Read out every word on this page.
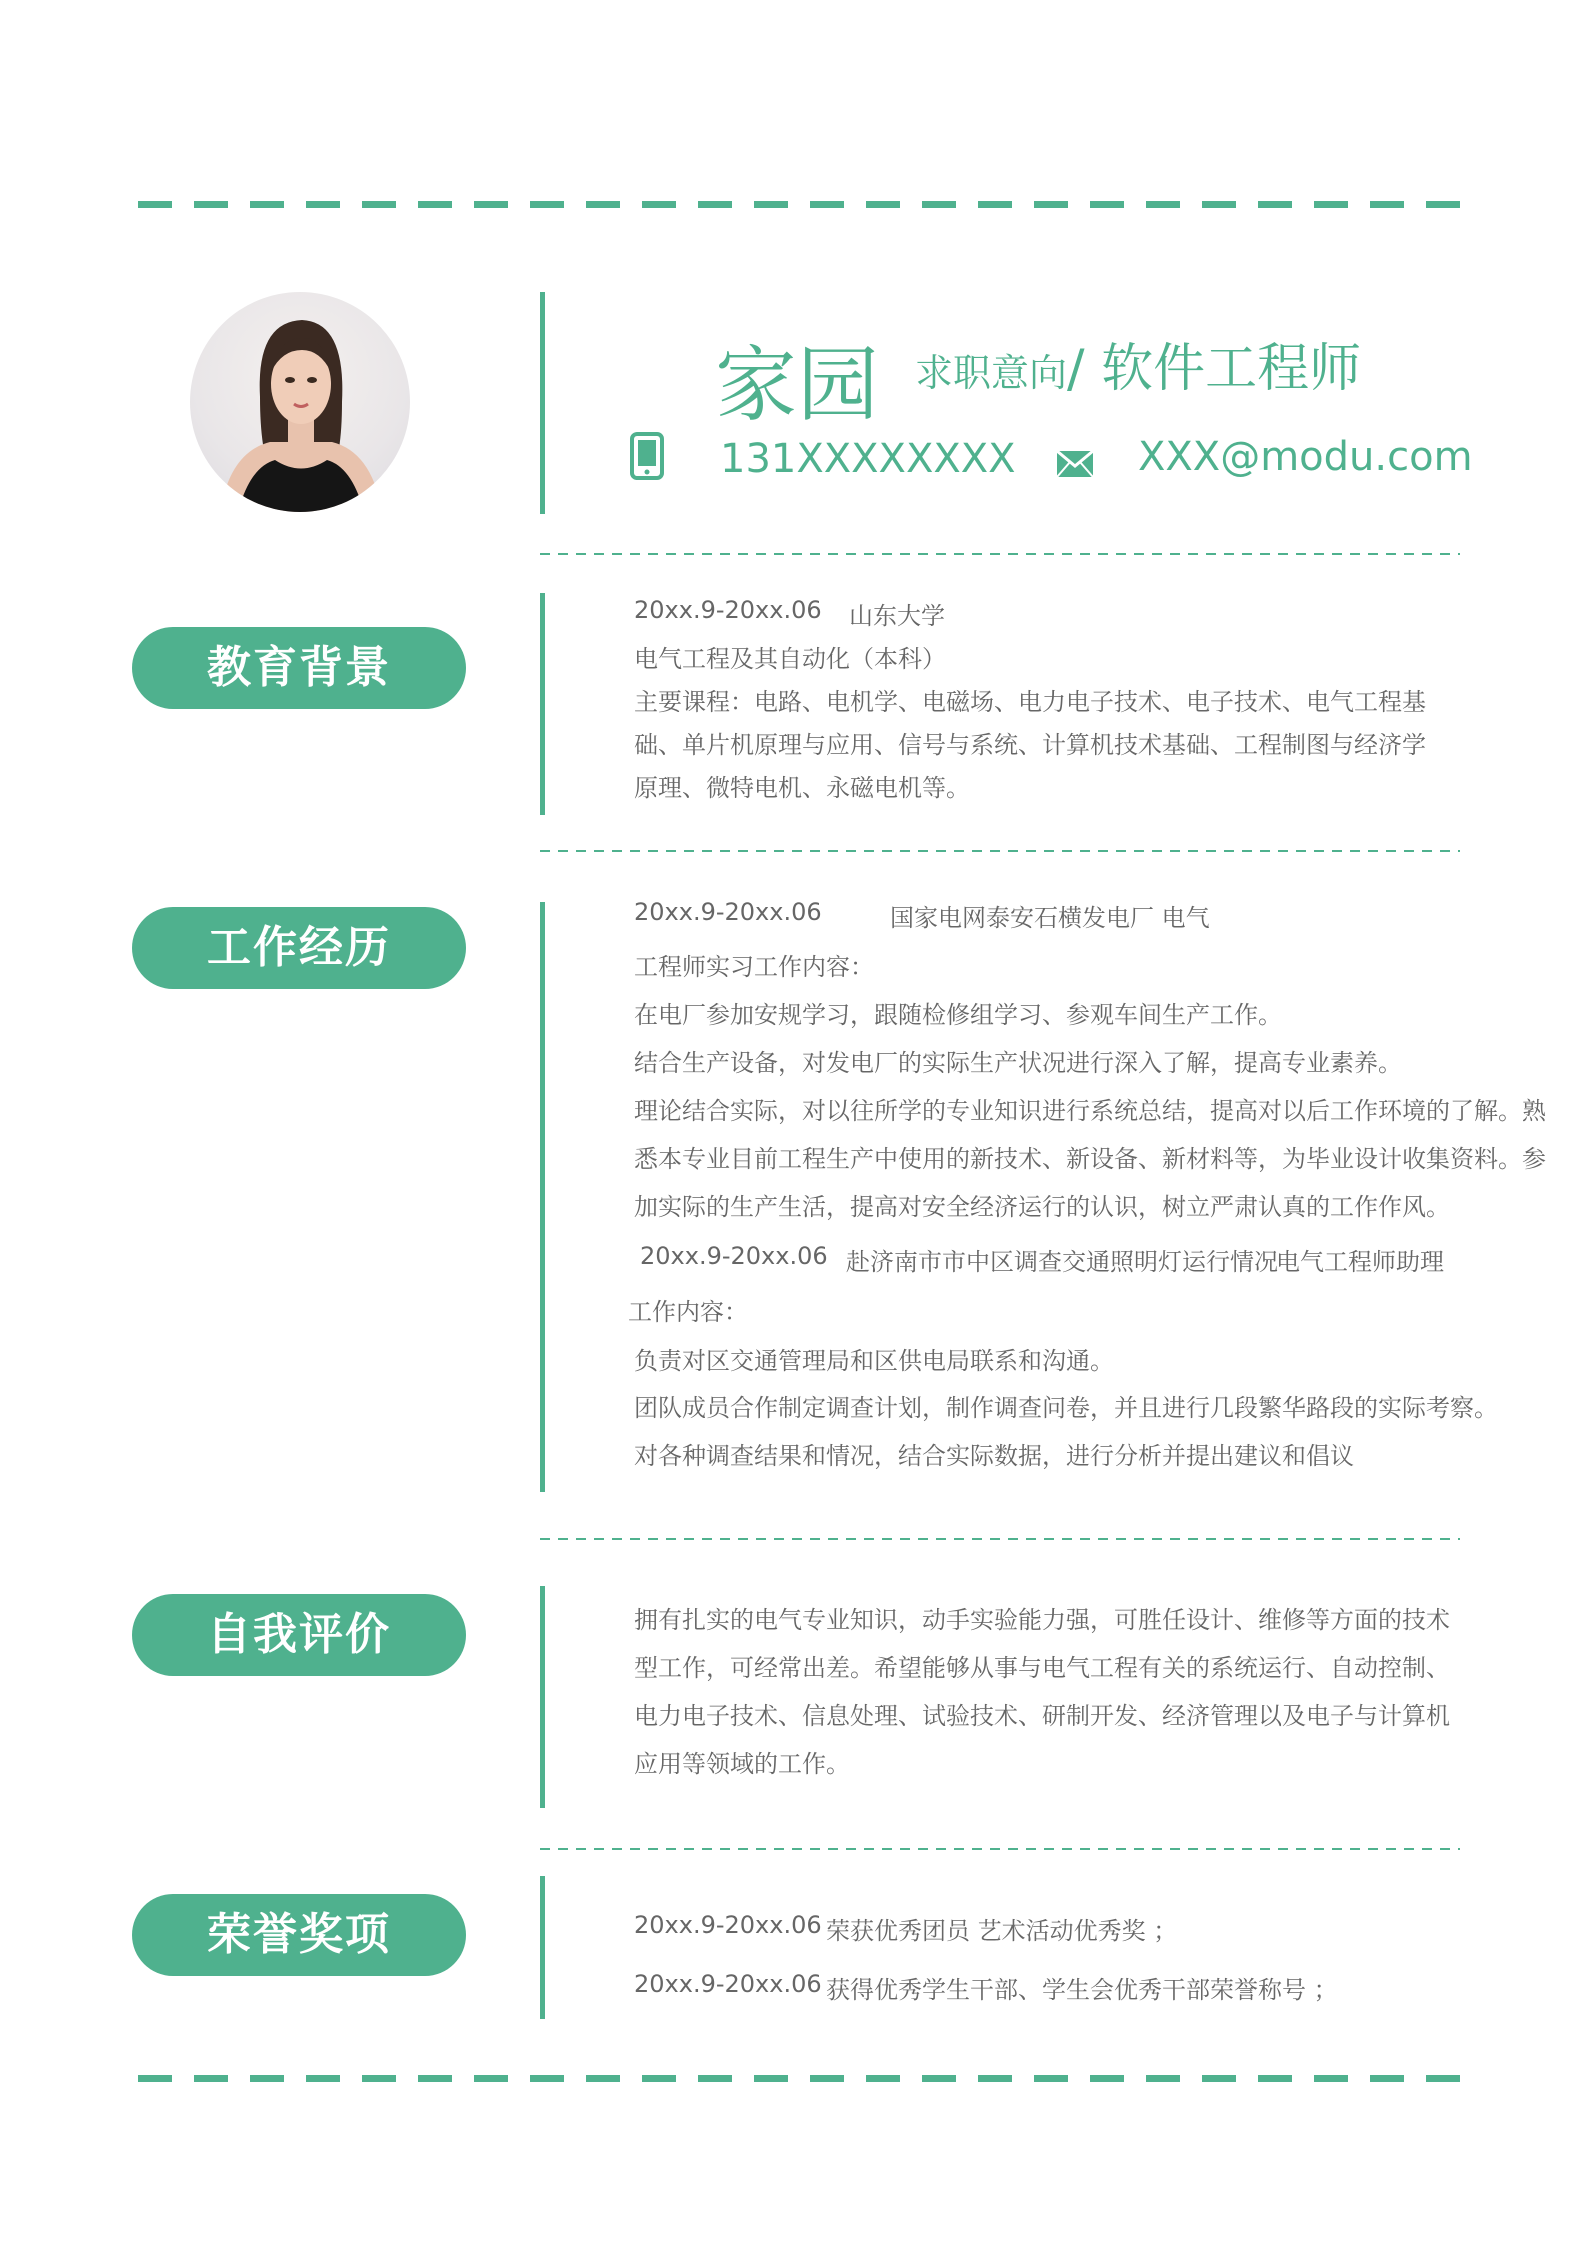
家园 求职意向/ 软件工程师
131XXXXXXXX	XXX@modu.com
教育背景
20xx.9-20xx.06 山东大学
电气工程及其自动化（本科）
主要课程：电路、电机学、电磁场、电力电子技术、电子技术、电气工程基
础、单片机原理与应用、信号与系统、计算机技术基础、工程制图与经济学
原理、微特电机、永磁电机等。
工作经历
20xx.9-20xx.06	国家电网泰安石横发电厂 电气
工程师实习工作内容：
在电厂参加安规学习，跟随检修组学习、参观车间生产工作。
结合生产设备，对发电厂的实际生产状况进行深入了解，提高专业素养。
理论结合实际，对以往所学的专业知识进行系统总结，提高对以后工作环境的了解。熟
悉本专业目前工程生产中使用的新技术、新设备、新材料等，为毕业设计收集资料。参
加实际的生产生活，提高对安全经济运行的认识，树立严肃认真的工作作风。
20xx.9-20xx.06 赴济南市市中区调查交通照明灯运行情况
电气工程师助理
工作内容：
负责对区交通管理局和区供电局联系和沟通。
团队成员合作制定调查计划，制作调查问卷，并且进行几段繁华路段的实际考察。
对各种调查结果和情况，结合实际数据，进行分析并提出建议和倡议
自我评价	拥有扎实的电气专业知识，动手实验能力强，可胜任设计、维修等方面的技术
型工作，可经常出差。希望能够从事与电气工程有关的系统运行、自动控制、
电力电子技术、信息处理、试验技术、研制开发、经济管理以及电子与计算机
应用等领域的工作。
荣誉奖项	20xx.9-20xx.06 荣获优秀团员 艺术活动优秀奖 ；
20xx.9-20xx.06 获得优秀学生干部、学生会优秀干部荣誉称号 ；
